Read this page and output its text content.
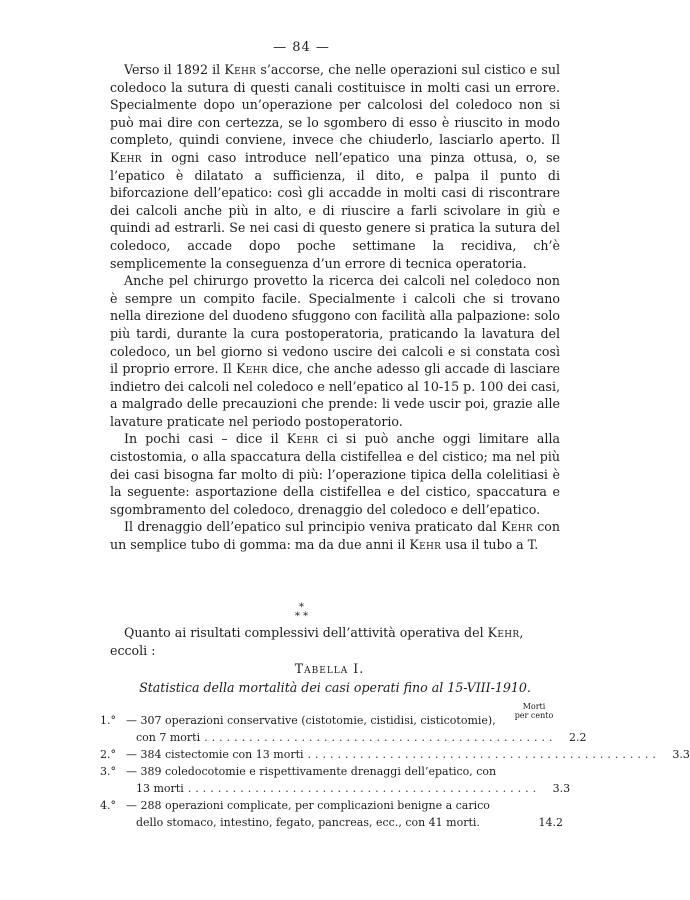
— 84 —

Verso il 1892 il Kehr s’accorse, che nelle operazioni sul cistico e sul coledoco la sutura di questi canali costituisce in molti casi un errore. Specialmente dopo un’operazione per calcolosi del coledoco non si può mai dire con certezza, se lo sgombero di esso è riuscito in modo completo, quindi conviene, invece che chiuderlo, lasciarlo aperto. Il Kehr in ogni caso introduce nell’epatico una pinza ottusa, o, se l’epatico è dilatato a sufficienza, il dito, e palpa il punto di biforcazione dell’epatico: così gli accadde in molti casi di riscontrare dei calcoli anche più in alto, e di riuscire a farli scivolare in giù e quindi ad estrarli. Se nei casi di questo genere si pratica la sutura del coledoco, accade dopo poche settimane la recidiva, ch’è semplicemente la conseguenza d’un errore di tecnica operatoria.

Anche pel chirurgo provetto la ricerca dei calcoli nel coledoco non è sempre un compito facile. Specialmente i calcoli che si trovano nella direzione del duodeno sfuggono con facilità alla palpazione: solo più tardi, durante la cura postoperatoria, praticando la lavatura del coledoco, un bel giorno si vedono uscire dei calcoli e si constata così il proprio errore. Il Kehr dice, che anche adesso gli accade di lasciare indietro dei calcoli nel coledoco e nell’epatico al 10-15 p. 100 dei casi, a malgrado delle precauzioni che prende: li vede uscir poi, grazie alle lavature praticate nel periodo postoperatorio.

In pochi casi – dice il Kehr ci si può anche oggi limitare alla cistostomia, o alla spaccatura della cistifellea e del cistico; ma nel più dei casi bisogna far molto di più: l’operazione tipica della colelitiasi è la seguente: asportazione della cistifellea e del cistico, spaccatura e sgombramento del coledoco, drenaggio del coledoco e dell’epatico.

Il drenaggio dell’epatico sul principio veniva praticato dal Kehr con un semplice tubo di gomma: ma da due anni il Kehr usa il tubo a T.

*
* *

Quanto ai risultati complessivi dell’attività operativa del Kehr, eccoli :

Tabella I.
Statistica della mortalità dei casi operati fino al 15-VIII-1910.
Morti
per cento
1.° — 307 operazioni conservative (cistotomie, cistidisi, cisticotomie),
con 7 morti ...............................................	2.2
2.° — 384 cistectomie con 13 morti ...............................................	3.3
3.° — 389 coledocotomie e rispettivamente drenaggi dell’epatico, con
13 morti ...............................................	3.3
4.° — 288 operazioni complicate, per complicazioni benigne a carico
dello stomaco, intestino, fegato, pancreas, ecc., con 41 morti.	14.2
